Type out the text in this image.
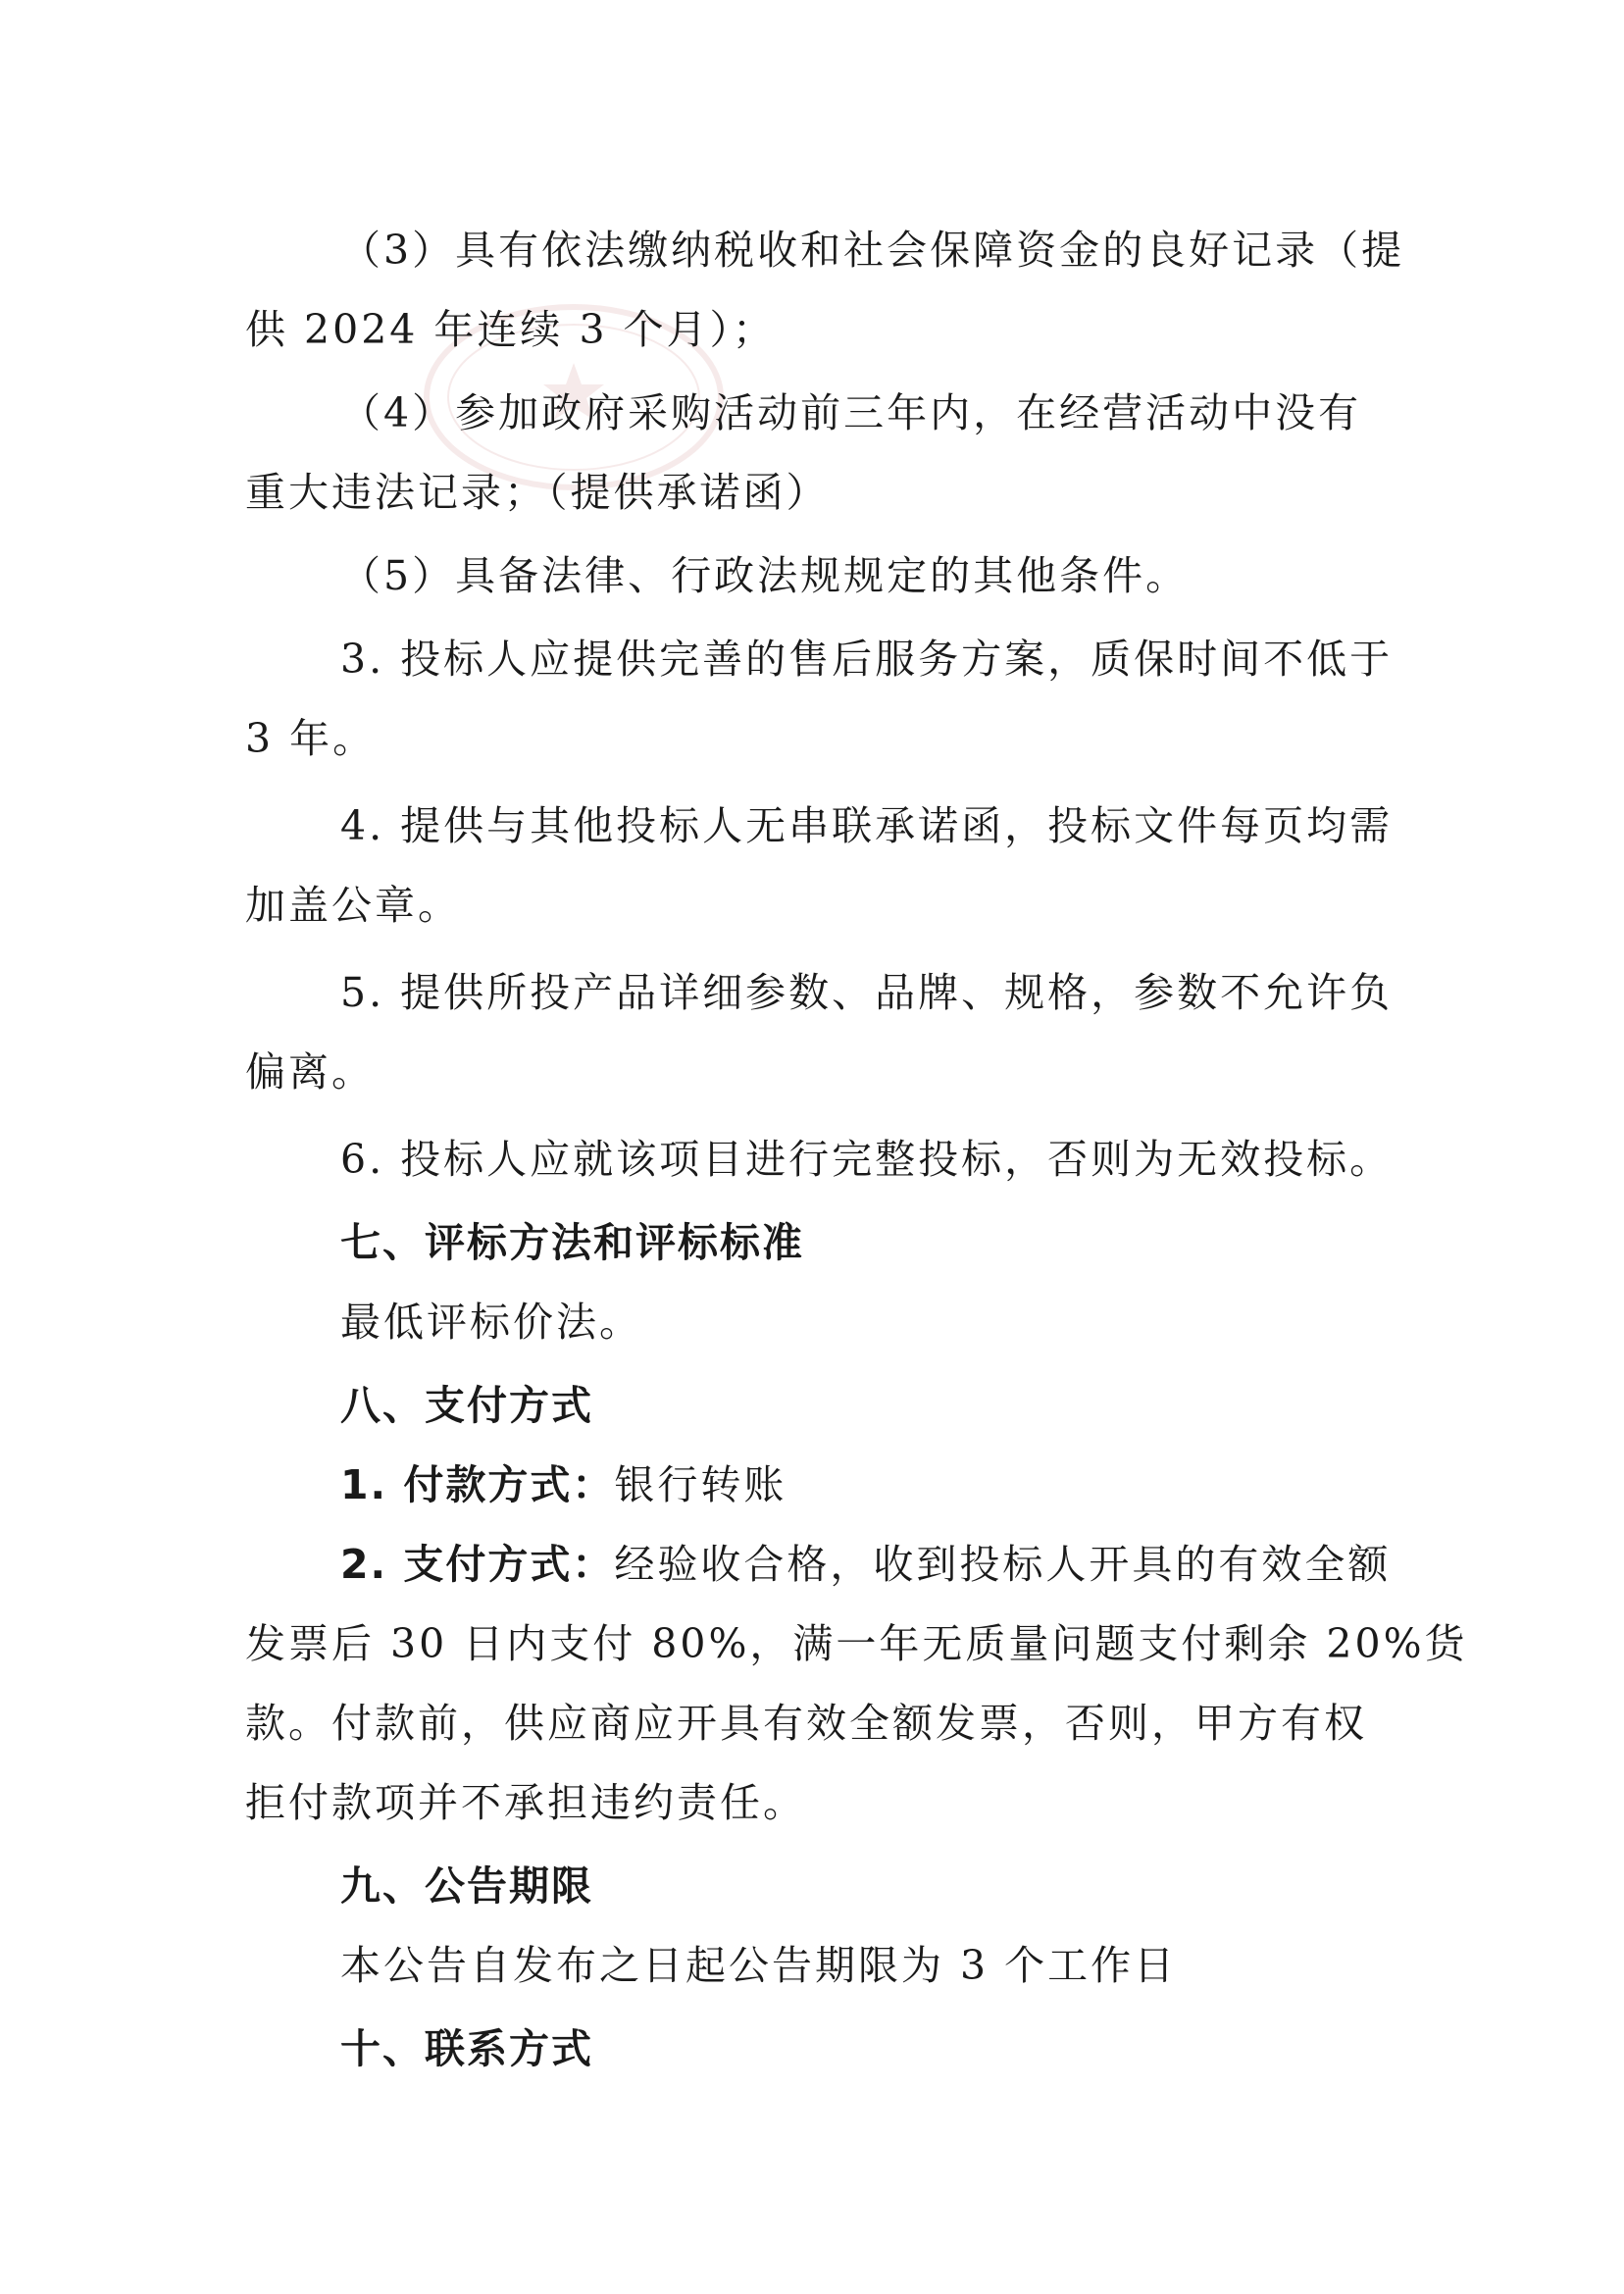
（3）具有依法缴纳税收和社会保障资金的良好记录（提

供 2024 年连续 3 个月）；

（4）参加政府采购活动前三年内，在经营活动中没有

重大违法记录；（提供承诺函）

（5）具备法律、行政法规规定的其他条件。

3. 投标人应提供完善的售后服务方案，质保时间不低于

3 年。

4. 提供与其他投标人无串联承诺函，投标文件每页均需

加盖公章。

5. 提供所投产品详细参数、品牌、规格，参数不允许负

偏离。

6. 投标人应就该项目进行完整投标，否则为无效投标。

七、评标方法和评标标准

最低评标价法。

八、支付方式

1. 付款方式：银行转账

2. 支付方式：经验收合格，收到投标人开具的有效全额

发票后 30 日内支付 80%，满一年无质量问题支付剩余 20%货

款。付款前，供应商应开具有效全额发票，否则，甲方有权

拒付款项并不承担违约责任。

九、公告期限

本公告自发布之日起公告期限为 3 个工作日

十、联系方式
